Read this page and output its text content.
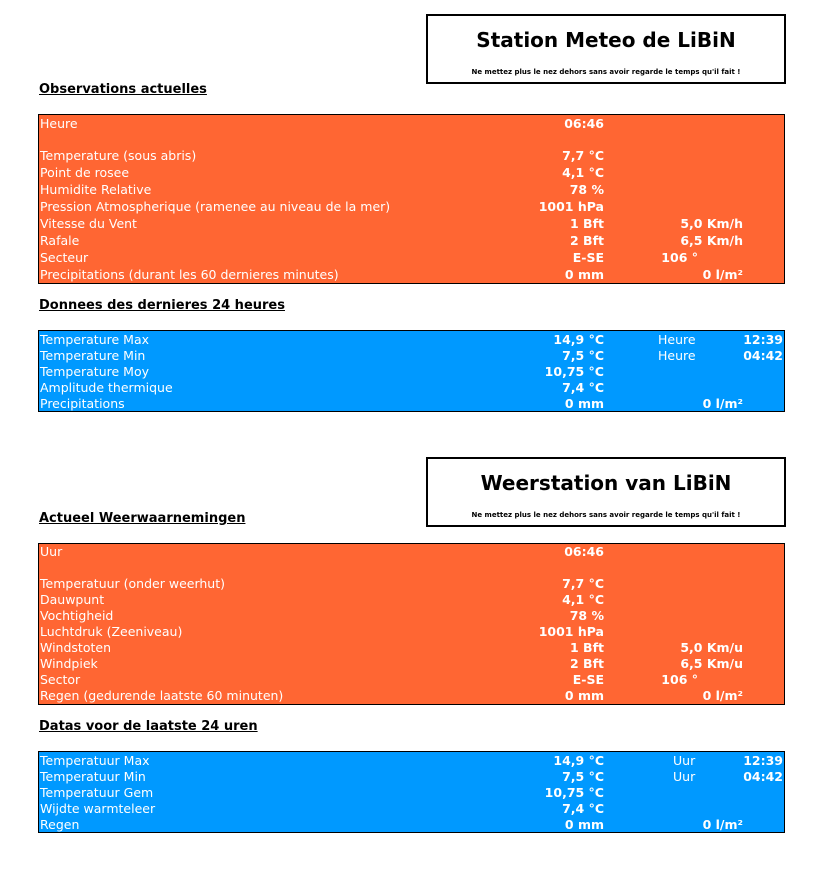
Station Meteo de LiBiN
Ne mettez plus le nez dehors sans avoir regarde le temps qu'il fait !
Observations actuelles
Heure	06:46
Temperature (sous abris)	7,7 °C
Point de rosee	4,1 °C
Humidite Relative	78 %
Pression Atmospherique (ramenee au niveau de la mer)	1001 hPa
Vitesse du Vent	1 Bft	5,0 Km/h
Rafale	2 Bft	6,5 Km/h
Secteur	E-SE	106 °
Precipitations (durant les 60 dernieres minutes)	0 mm	0 l/m²
Donnees des dernieres 24 heures
Temperature Max	14,9 °C	Heure	12:39
Temperature Min	7,5 °C	Heure	04:42
Temperature Moy	10,75 °C
Amplitude thermique	7,4 °C
Precipitations	0 mm	0 l/m²
Weerstation van LiBiN
Ne mettez plus le nez dehors sans avoir regarde le temps qu'il fait !
Actueel Weerwaarnemingen
Uur	06:46
Temperatuur (onder weerhut)	7,7 °C
Dauwpunt	4,1 °C
Vochtigheid	78 %
Luchtdruk (Zeeniveau)	1001 hPa
Windstoten	1 Bft	5,0 Km/u
Windpiek	2 Bft	6,5 Km/u
Sector	E-SE	106 °
Regen (gedurende laatste 60 minuten)	0 mm	0 l/m²
Datas voor de laatste 24 uren
Temperatuur Max	14,9 °C	Uur	12:39
Temperatuur Min	7,5 °C	Uur	04:42
Temperatuur Gem	10,75 °C
Wijdte warmteleer	7,4 °C
Regen	0 mm	0 l/m²
